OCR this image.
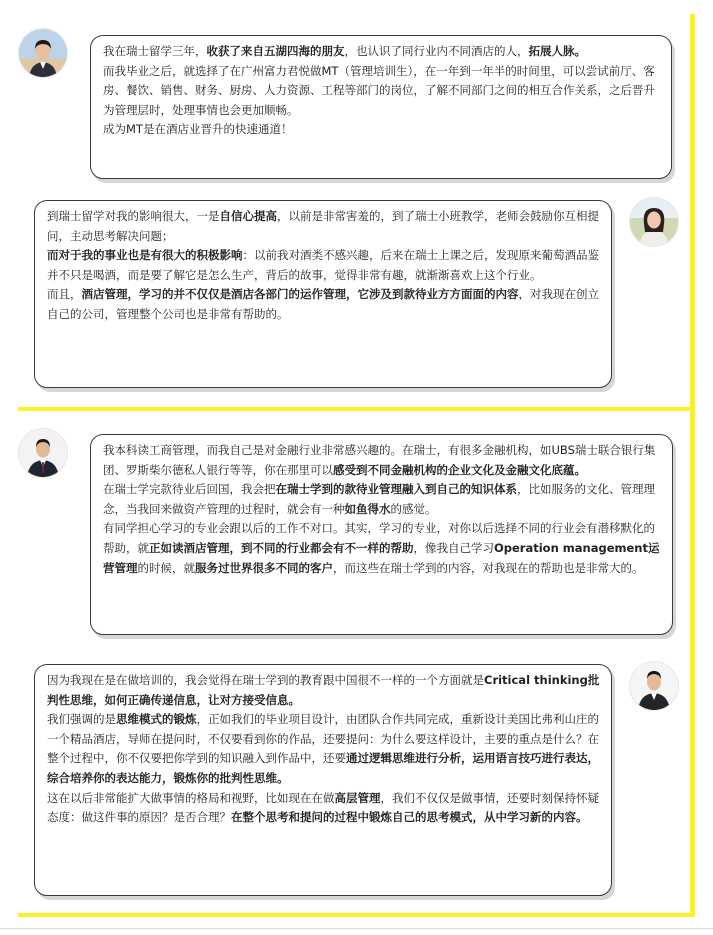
我在瑞士留学三年，收获了来自五湖四海的朋友，也认识了同行业内不同酒店的人，拓展人脉。

而我毕业之后，就选择了在广州富力君悦做MT（管理培训生），在一年到一年半的时间里，可以尝试前厅、客房、餐饮、销售、财务、厨房、人力资源、工程等部门的岗位，了解不同部门之间的相互合作关系，之后晋升为管理层时，处理事情也会更加顺畅。

成为MT是在酒店业晋升的快速通道！

到瑞士留学对我的影响很大，一是自信心提高，以前是非常害羞的，到了瑞士小班教学，老师会鼓励你互相提问，主动思考解决问题；

而对于我的事业也是有很大的积极影响：以前我对酒类不感兴趣，后来在瑞士上课之后，发现原来葡萄酒品鉴并不只是喝酒，而是要了解它是怎么生产，背后的故事，觉得非常有趣，就渐渐喜欢上这个行业。

而且，酒店管理，学习的并不仅仅是酒店各部门的运作管理，它涉及到款待业方方面面的内容，对我现在创立自己的公司，管理整个公司也是非常有帮助的。

我本科读工商管理，而我自己是对金融行业非常感兴趣的。在瑞士，有很多金融机构，如UBS瑞士联合银行集团、罗斯柴尔德私人银行等等，你在那里可以感受到不同金融机构的企业文化及金融文化底蕴。

在瑞士学完款待业后回国，我会把在瑞士学到的款待业管理融入到自己的知识体系，比如服务的文化、管理理念，当我回来做资产管理的过程时，就会有一种如鱼得水的感觉。

有同学担心学习的专业会跟以后的工作不对口。其实，学习的专业，对你以后选择不同的行业会有潜移默化的帮助，就正如读酒店管理，到不同的行业都会有不一样的帮助，像我自己学习Operation management运营管理的时候，就服务过世界很多不同的客户，而这些在瑞士学到的内容，对我现在的帮助也是非常大的。

因为我现在是在做培训的，我会觉得在瑞士学到的教育跟中国很不一样的一个方面就是Critical thinking批判性思维，如何正确传递信息，让对方接受信息。

我们强调的是思维模式的锻炼，正如我们的毕业项目设计，由团队合作共同完成，重新设计美国比弗利山庄的一个精品酒店，导师在提问时，不仅要看到你的作品，还要提问：为什么要这样设计，主要的重点是什么？在整个过程中，你不仅要把你学到的知识融入到作品中，还要通过逻辑思维进行分析，运用语言技巧进行表达，综合培养你的表达能力，锻炼你的批判性思维。

这在以后非常能扩大做事情的格局和视野，比如现在在做高层管理，我们不仅仅是做事情，还要时刻保持怀疑态度：做这件事的原因？是否合理？在整个思考和提问的过程中锻炼自己的思考模式，从中学习新的内容。
